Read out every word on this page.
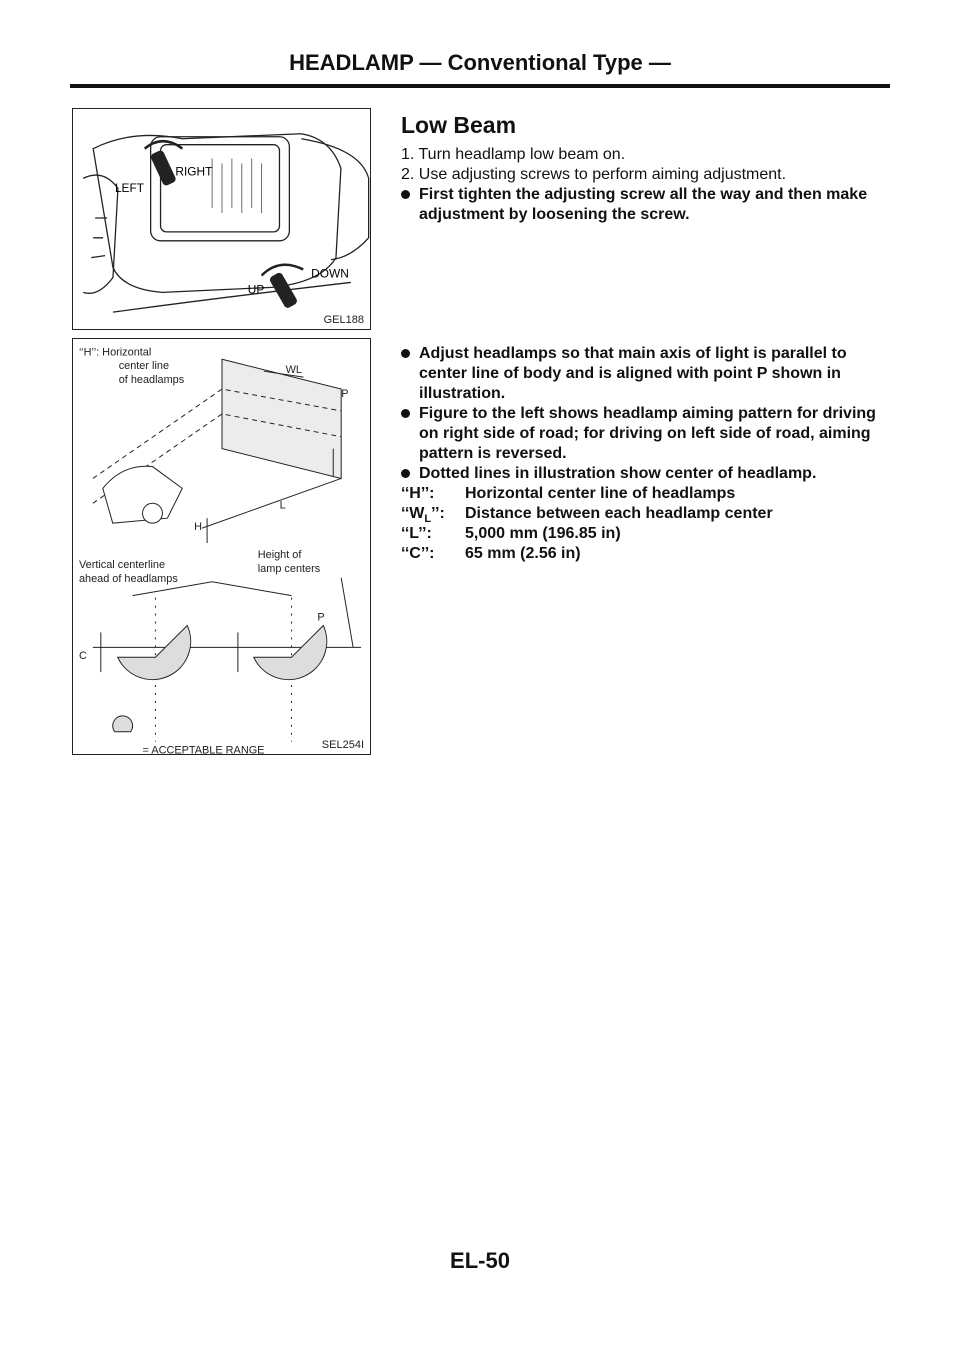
HEADLAMP — Conventional Type —
RIGHT
LEFT
DOWN
UP
GEL188
‘‘H’’: Horizontal
center line
of headlamps
WL
P
L
H
Vertical centerline
ahead of headlamps
Height of
lamp centers
P
C
= ACCEPTABLE RANGE	SEL254I
Low Beam
1. Turn headlamp low beam on.
2. Use adjusting screws to perform aiming adjustment.
First tighten the adjusting screw all the way and then make adjustment by loosening the screw.
Adjust headlamps so that main axis of light is parallel to center line of body and is aligned with point P shown in illustration.
Figure to the left shows headlamp aiming pattern for driving on right side of road; for driving on left side of road, aiming pattern is reversed.
Dotted lines in illustration show center of headlamp.
‘‘H’’: Horizontal center line of headlamps
‘‘$W_L$’’: Distance between each headlamp center
‘‘L’’: 5,000 mm (196.85 in)
‘‘C’’: 65 mm (2.56 in)
EL-50
